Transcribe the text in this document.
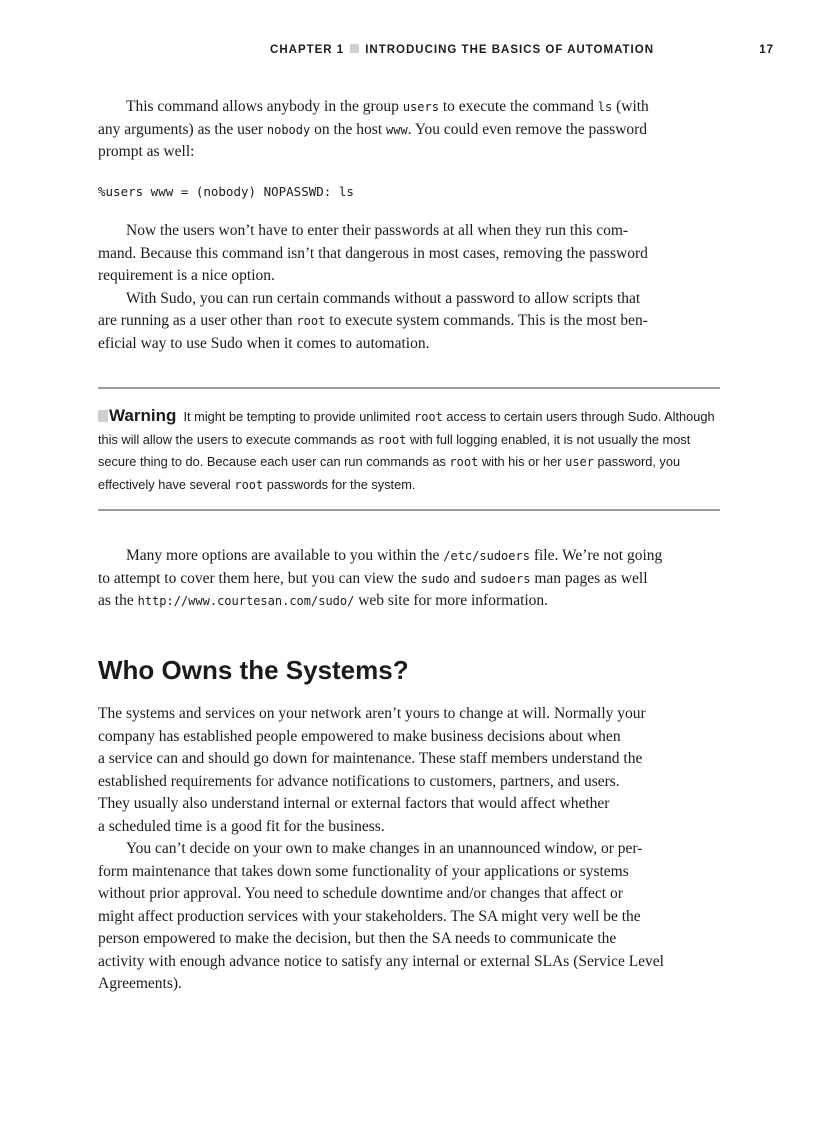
CHAPTER 1 INTRODUCING THE BASICS OF AUTOMATION	17
This command allows anybody in the group users to execute the command ls (with
any arguments) as the user nobody on the host www. You could even remove the password
prompt as well:
%users www = (nobody) NOPASSWD: ls
Now the users won’t have to enter their passwords at all when they run this com-
mand. Because this command isn’t that dangerous in most cases, removing the password
requirement is a nice option.
With Sudo, you can run certain commands without a password to allow scripts that
are running as a user other than root to execute system commands. This is the most ben-
eficial way to use Sudo when it comes to automation.
Warning It might be tempting to provide unlimited root access to certain users through Sudo. Although
this will allow the users to execute commands as root with full logging enabled, it is not usually the most
secure thing to do. Because each user can run commands as root with his or her user password, you
effectively have several root passwords for the system.
Many more options are available to you within the /etc/sudoers file. We’re not going
to attempt to cover them here, but you can view the sudo and sudoers man pages as well
as the http://www.courtesan.com/sudo/ web site for more information.
Who Owns the Systems?
The systems and services on your network aren’t yours to change at will. Normally your
company has established people empowered to make business decisions about when
a service can and should go down for maintenance. These staff members understand the
established requirements for advance notifications to customers, partners, and users.
They usually also understand internal or external factors that would affect whether
a scheduled time is a good fit for the business.
You can’t decide on your own to make changes in an unannounced window, or per-
form maintenance that takes down some functionality of your applications or systems
without prior approval. You need to schedule downtime and/or changes that affect or
might affect production services with your stakeholders. The SA might very well be the
person empowered to make the decision, but then the SA needs to communicate the
activity with enough advance notice to satisfy any internal or external SLAs (Service Level
Agreements).
